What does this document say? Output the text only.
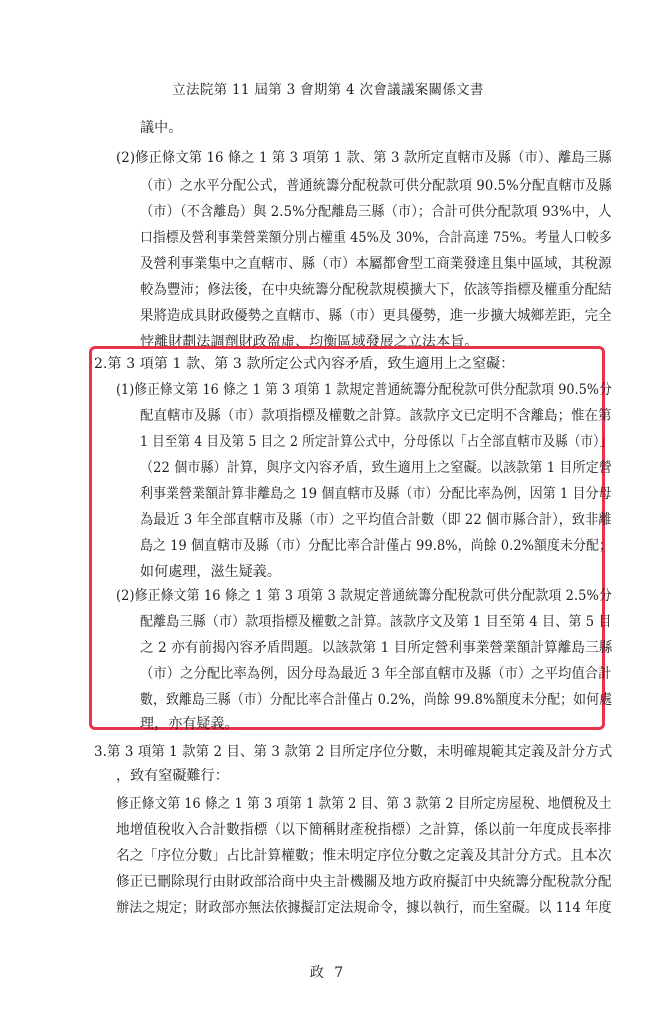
立法院第 11 屆第 3 會期第 4 次會議議案關係文書
議中。
(2)修正條文第 16 條之 1 第 3 項第 1 款、第 3 款所定直轄市及縣（市）、離島三縣
（市）之水平分配公式，普通統籌分配稅款可供分配款項 90.5%分配直轄市及縣
（市）（不含離島）與 2.5%分配離島三縣（市）；合計可供分配款項 93%中，人
口指標及營利事業營業額分別占權重 45%及 30%，合計高達 75%。考量人口較多
及營利事業集中之直轄市、縣（市）本屬都會型工商業發達且集中區域，其稅源
較為豐沛；修法後，在中央統籌分配稅款規模擴大下，依該等指標及權重分配結
果將造成具財政優勢之直轄市、縣（市）更具優勢，進一步擴大城鄉差距，完全
悖離財劃法調劑財政盈虛、均衡區域發展之立法本旨。
2.第 3 項第 1 款、第 3 款所定公式內容矛盾，致生適用上之窒礙：
(1)修正條文第 16 條之 1 第 3 項第 1 款規定普通統籌分配稅款可供分配款項 90.5%分
配直轄市及縣（市）款項指標及權數之計算。該款序文已定明不含離島；惟在第
1 目至第 4 目及第 5 目之 2 所定計算公式中，分母係以「占全部直轄市及縣（市）」
（22 個市縣）計算，與序文內容矛盾，致生適用上之窒礙。以該款第 1 目所定營
利事業營業額計算非離島之 19 個直轄市及縣（市）分配比率為例，因第 1 目分母
為最近 3 年全部直轄市及縣（市）之平均值合計數（即 22 個市縣合計），致非離
島之 19 個直轄市及縣（市）分配比率合計僅占 99.8%，尚餘 0.2%額度未分配；
如何處理，滋生疑義。
(2)修正條文第 16 條之 1 第 3 項第 3 款規定普通統籌分配稅款可供分配款項 2.5%分
配離島三縣（市）款項指標及權數之計算。該款序文及第 1 目至第 4 目、第 5 目
之 2 亦有前揭內容矛盾問題。以該款第 1 目所定營利事業營業額計算離島三縣
（市）之分配比率為例，因分母為最近 3 年全部直轄市及縣（市）之平均值合計
數，致離島三縣（市）分配比率合計僅占 0.2%，尚餘 99.8%額度未分配；如何處
理，亦有疑義。
3.第 3 項第 1 款第 2 目、第 3 款第 2 目所定序位分數，未明確規範其定義及計分方式
，致有窒礙難行：
修正條文第 16 條之 1 第 3 項第 1 款第 2 目、第 3 款第 2 目所定房屋稅、地價稅及土
地增值稅收入合計數指標（以下簡稱財產稅指標）之計算，係以前一年度成長率排
名之「序位分數」占比計算權數；惟未明定序位分數之定義及其計分方式。且本次
修正已刪除現行由財政部洽商中央主計機關及地方政府擬訂中央統籌分配稅款分配
辦法之規定；財政部亦無法依據擬訂定法規命令，據以執行，而生窒礙。以 114 年度
政 7
